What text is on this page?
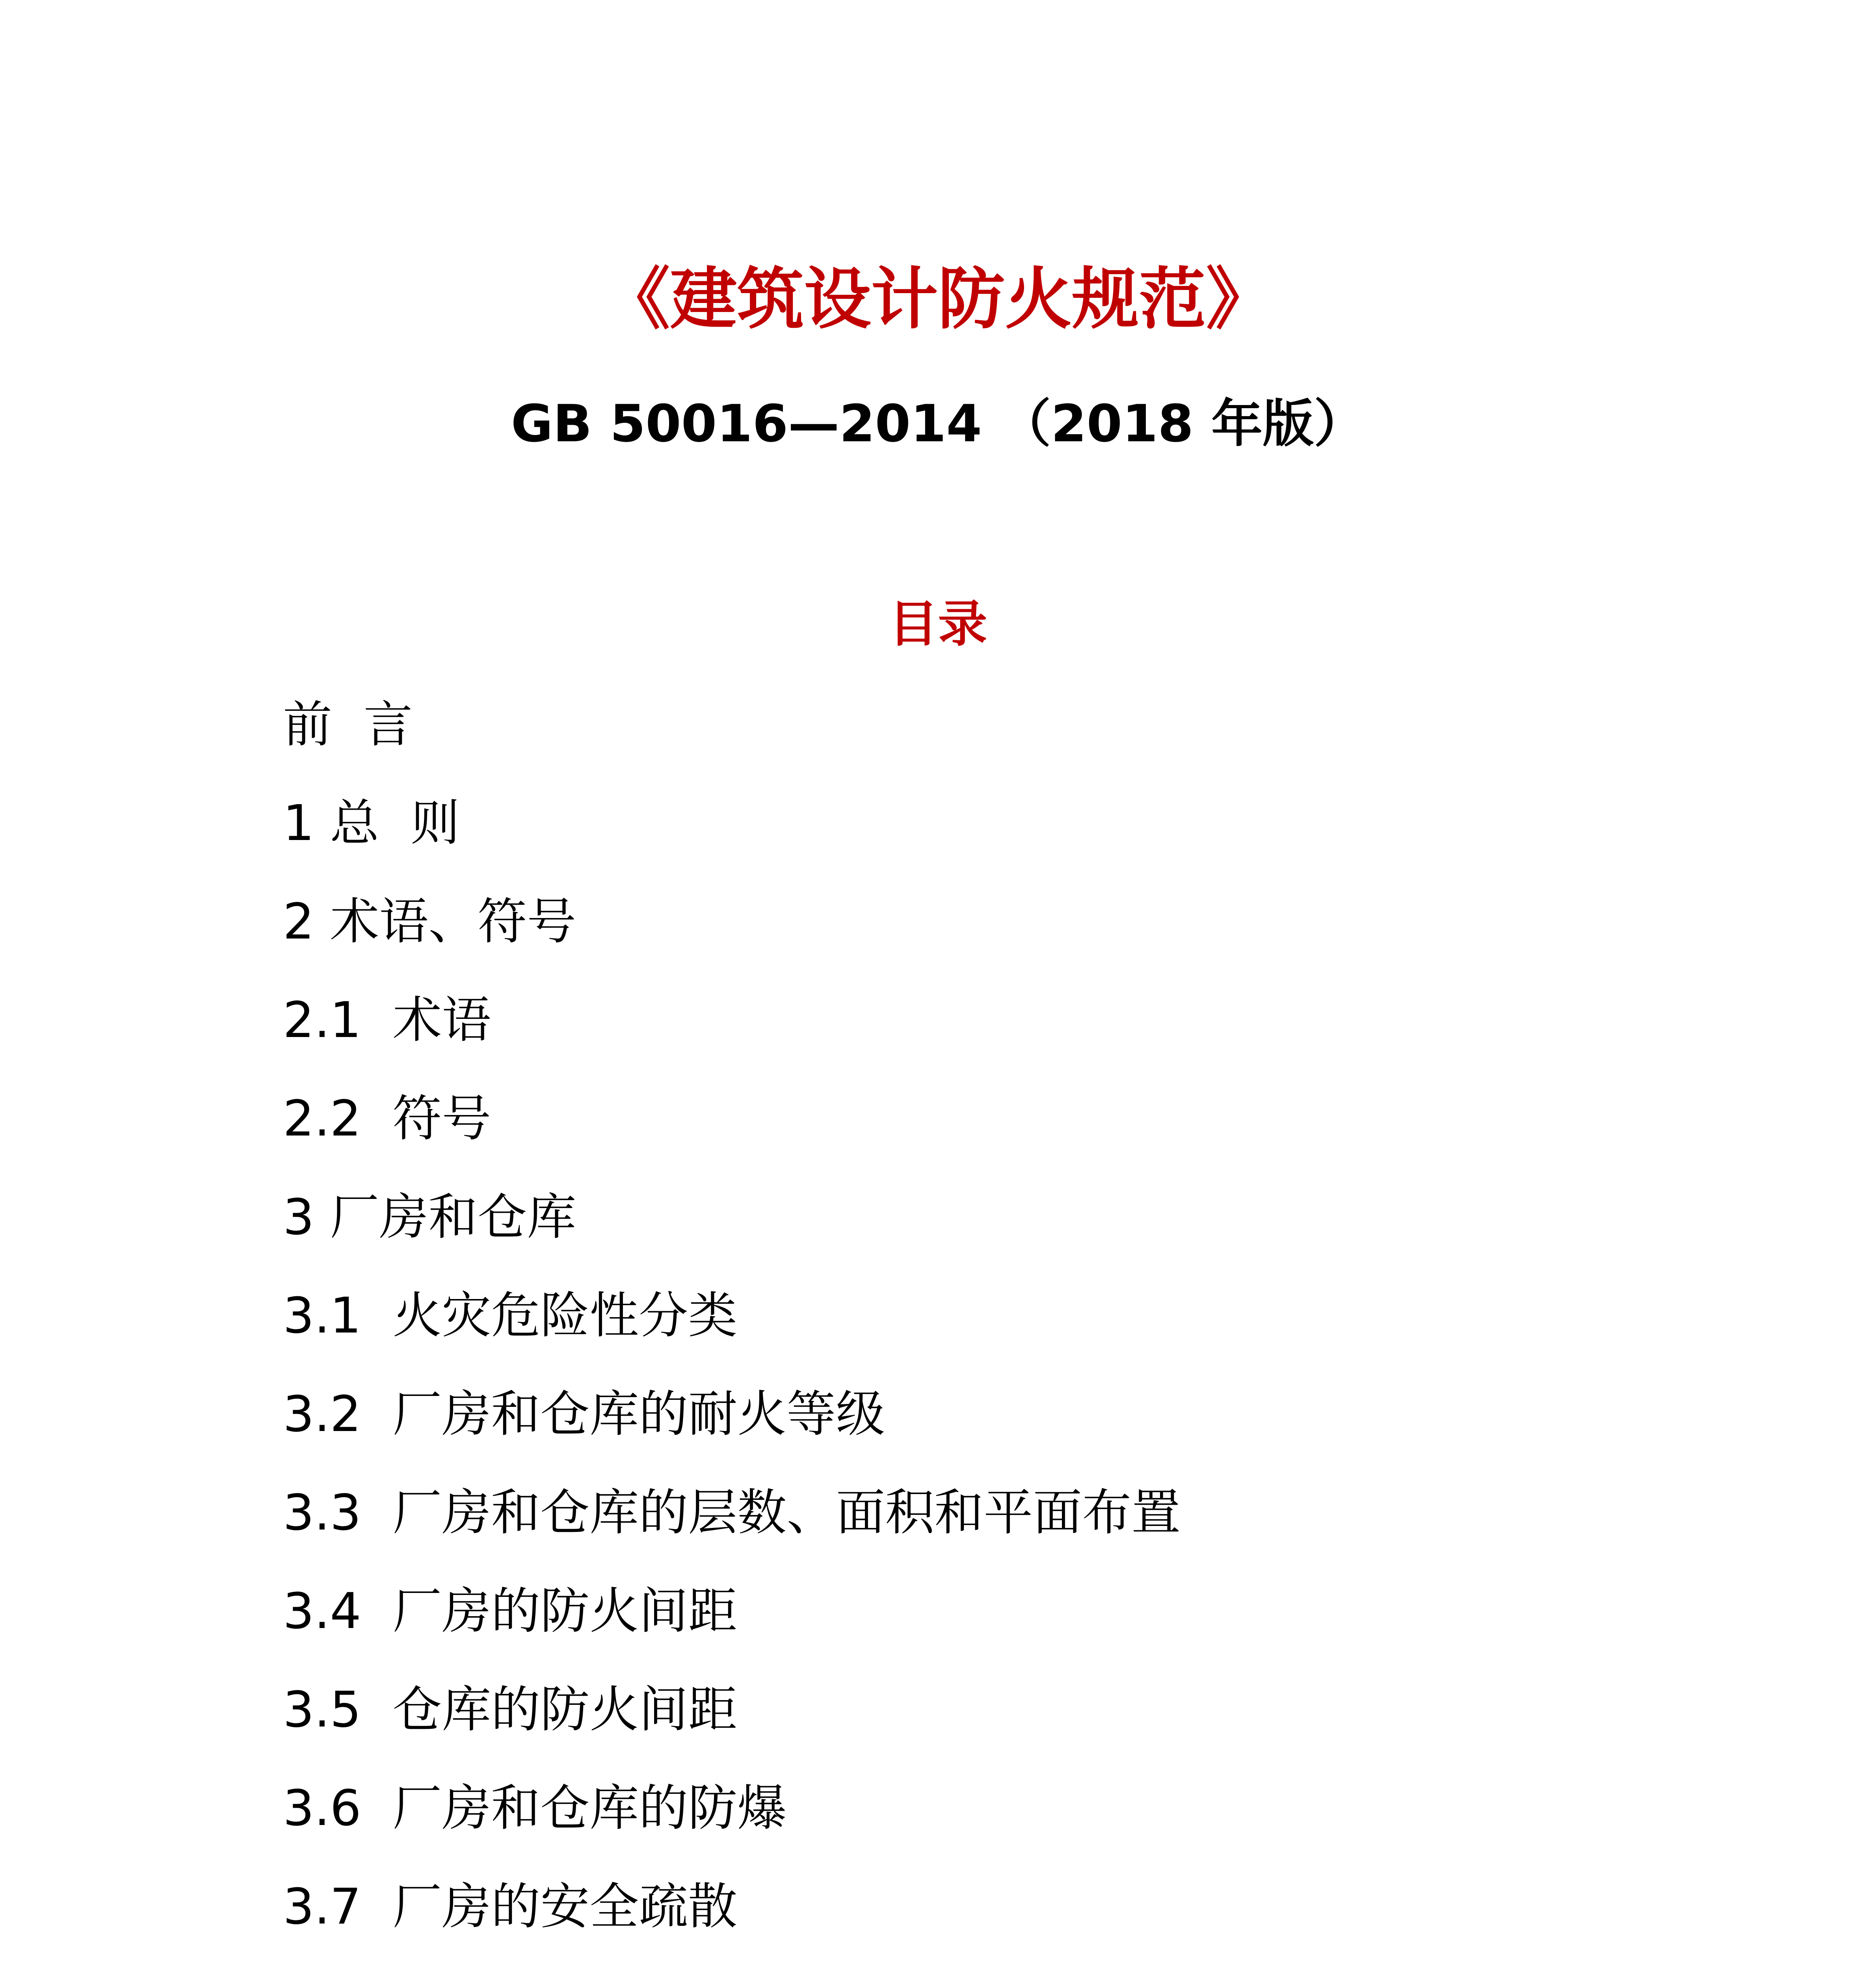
《建筑设计防火规范》
GB 50016—2014 （2018 年版）
目录
前  言
1 总  则
2 术语、符号
2.1  术语
2.2  符号
3 厂房和仓库
3.1  火灾危险性分类
3.2  厂房和仓库的耐火等级
3.3  厂房和仓库的层数、面积和平面布置
3.4  厂房的防火间距
3.5  仓库的防火间距
3.6  厂房和仓库的防爆
3.7  厂房的安全疏散
